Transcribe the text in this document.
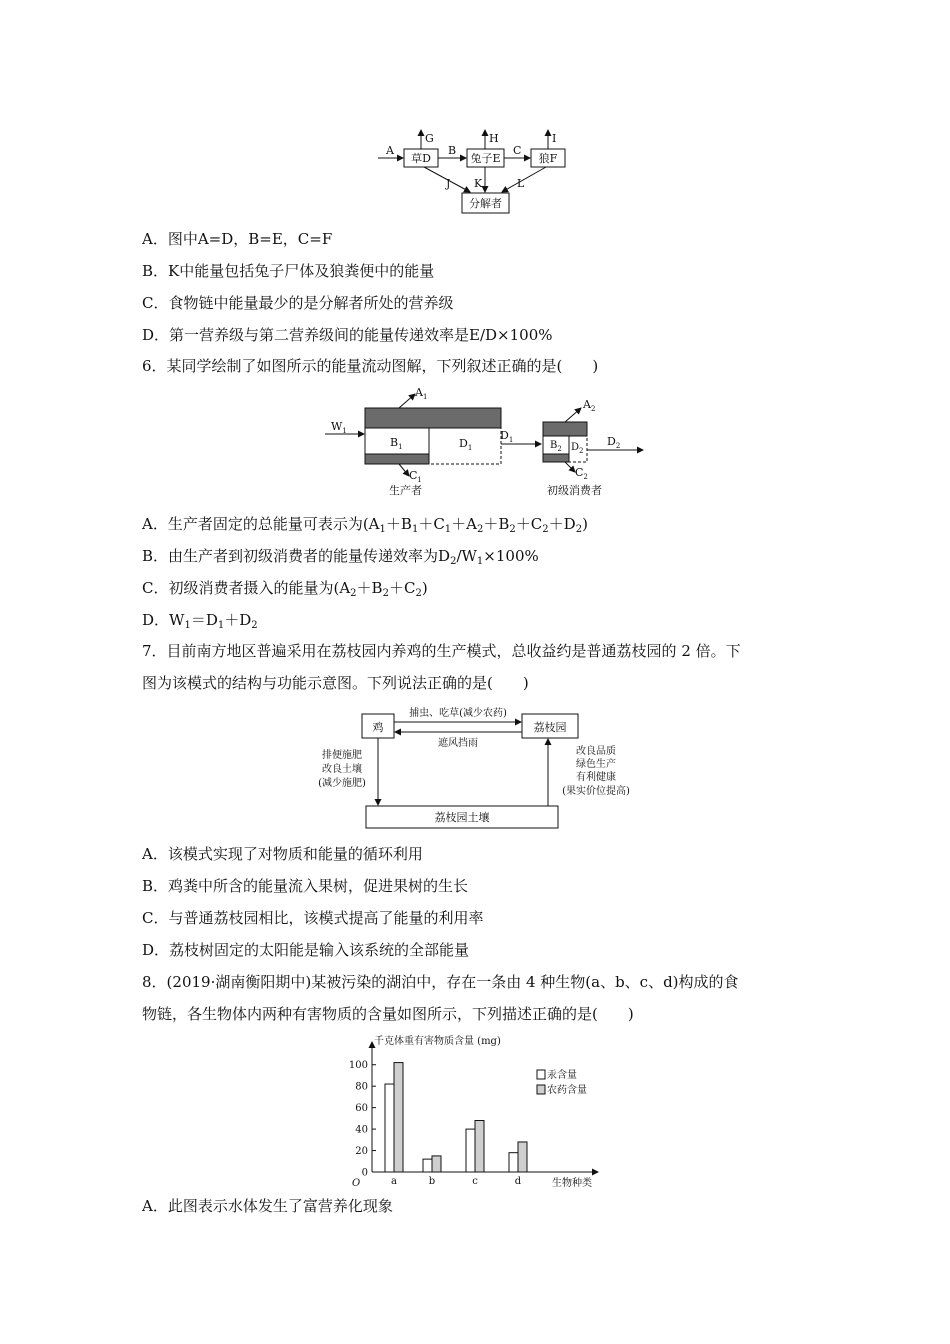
草D	兔子E	狼F
分解者
A	B	C
G	H	I
J K	L
A．图中A=D，B=E，C=F
B．K中能量包括兔子尸体及狼粪便中的能量
C．食物链中能量最少的是分解者所处的营养级
D．第一营养级与第二营养级间的能量传递效率是E/D×100%
6．某同学绘制了如图所示的能量流动图解，下列叙述正确的是(　　)
$W_1$
$A_1$
$B_1$	$D_1$
$C_1$
生产者
$D_1$	$B_2$ $D_2$
$A_2$
$C_2$
$D_2$
初级消费者
A．生产者固定的总能量可表示为$(A_1+B_1+C_1+A_2+B_2+C_2+D_2)$
B．由生产者到初级消费者的能量传递效率为$D_2/W_1\times 100\%$
C．初级消费者摄入的能量为$(A_2+B_2+C_2)$
D．$W_1=D_1+D_2$
7．目前南方地区普遍采用在荔枝园内养鸡的生产模式，总收益约是普通荔枝园的 2 倍。下
图为该模式的结构与功能示意图。下列说法正确的是(　　)
鸡	荔枝园
荔枝园土壤
捕虫、吃草(减少农药)
遮风挡雨
排便施肥
改良土壤
(减少施肥)
改良品质
绿色生产
有利健康
(果实价位提高)
A．该模式实现了对物质和能量的循环利用
B．鸡粪中所含的能量流入果树，促进果树的生长
C．与普通荔枝园相比，该模式提高了能量的利用率
D．荔枝树固定的太阳能是输入该系统的全部能量
8．(2019·湖南衡阳期中)某被污染的湖泊中，存在一条由 4 种生物(a、b、c、d)构成的食
物链，各生物体内两种有害物质的含量如图所示，下列描述正确的是(　　)
千克体重有害物质含量 (mg)
生物种类
O
0
20
40
60
80
100
a	b	c	d
汞含量
农药含量
A．此图表示水体发生了富营养化现象
